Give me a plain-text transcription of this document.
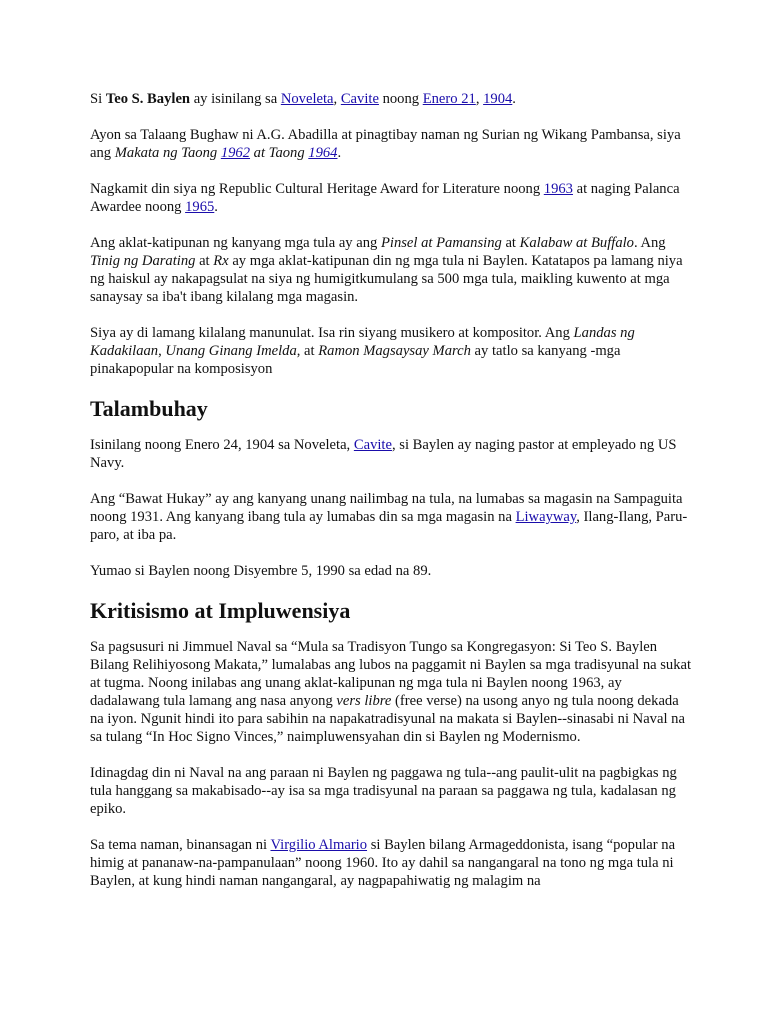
Si Teo S. Baylen ay isinilang sa Noveleta, Cavite noong Enero 21, 1904.

Ayon sa Talaang Bughaw ni A.G. Abadilla at pinagtibay naman ng Surian ng Wikang Pambansa, siya ang Makata ng Taong 1962 at Taong 1964.

Nagkamit din siya ng Republic Cultural Heritage Award for Literature noong 1963 at naging Palanca Awardee noong 1965.

Ang aklat-katipunan ng kanyang mga tula ay ang Pinsel at Pamansing at Kalabaw at Buffalo. Ang Tinig ng Darating at Rx ay mga aklat-katipunan din ng mga tula ni Baylen. Katatapos pa lamang niya ng haiskul ay nakapagsulat na siya ng humigitkumulang sa 500 mga tula, maikling kuwento at mga sanaysay sa iba't ibang kilalang mga magasin.

Siya ay di lamang kilalang manunulat. Isa rin siyang musikero at kompositor. Ang Landas ng Kadakilaan, Unang Ginang Imelda, at Ramon Magsaysay March ay tatlo sa kanyang -mga pinakapopular na komposisyon

Talambuhay

Isinilang noong Enero 24, 1904 sa Noveleta, Cavite, si Baylen ay naging pastor at empleyado ng US Navy.

Ang “Bawat Hukay” ay ang kanyang unang nailimbag na tula, na lumabas sa magasin na Sampaguita noong 1931. Ang kanyang ibang tula ay lumabas din sa mga magasin na Liwayway, Ilang-Ilang, Paru-paro, at iba pa.

Yumao si Baylen noong Disyembre 5, 1990 sa edad na 89.

Kritisismo at Impluwensiya

Sa pagsusuri ni Jimmuel Naval sa “Mula sa Tradisyon Tungo sa Kongregasyon: Si Teo S. Baylen Bilang Relihiyosong Makata,” lumalabas ang lubos na paggamit ni Baylen sa mga tradisyunal na sukat at tugma. Noong inilabas ang unang aklat-kalipunan ng mga tula ni Baylen noong 1963, ay dadalawang tula lamang ang nasa anyong vers libre (free verse) na usong anyo ng tula noong dekada na iyon. Ngunit hindi ito para sabihin na napakatradisyunal na makata si Baylen--sinasabi ni Naval na sa tulang “In Hoc Signo Vinces,” naimpluwensyahan din si Baylen ng Modernismo.

Idinagdag din ni Naval na ang paraan ni Baylen ng paggawa ng tula--ang paulit-ulit na pagbigkas ng tula hanggang sa makabisado--ay isa sa mga tradisyunal na paraan sa paggawa ng tula, kadalasan ng epiko.

Sa tema naman, binansagan ni Virgilio Almario si Baylen bilang Armageddonista, isang “popular na himig at pananaw-na-pampanulaan” noong 1960. Ito ay dahil sa nangangaral na tono ng mga tula ni Baylen, at kung hindi naman nangangaral, ay nagpapahiwatig ng malagim na
